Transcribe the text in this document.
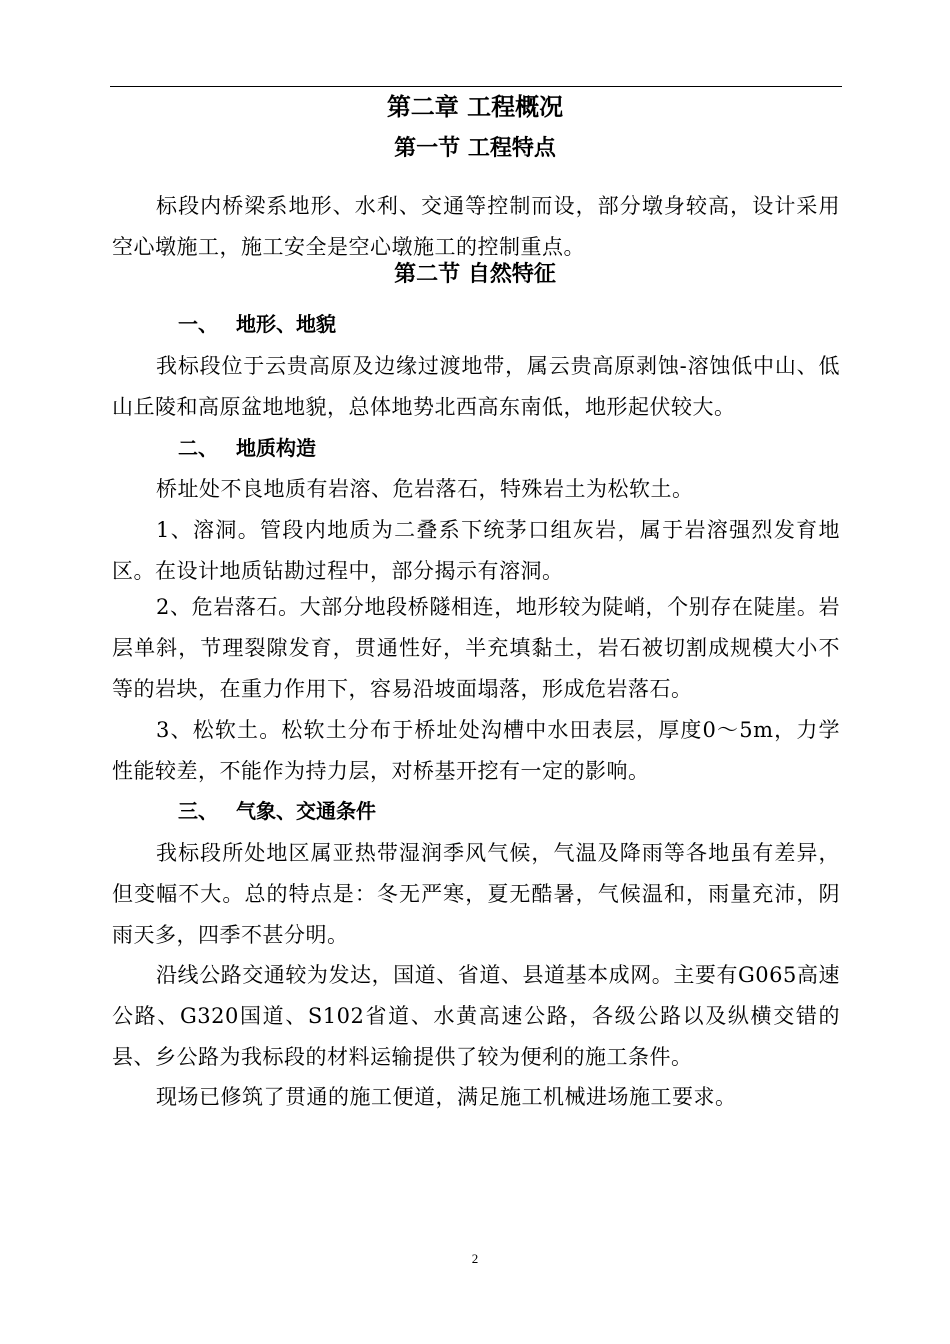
第二章 工程概况
第一节 工程特点
标段内桥梁系地形、水利、交通等控制而设，部分墩身较高，设计采用空心墩施工，施工安全是空心墩施工的控制重点。
第二节 自然特征
一、 地形、地貌
我标段位于云贵高原及边缘过渡地带，属云贵高原剥蚀-溶蚀低中山、低山丘陵和高原盆地地貌，总体地势北西高东南低，地形起伏较大。
二、 地质构造
桥址处不良地质有岩溶、危岩落石，特殊岩土为松软土。
1、溶洞。管段内地质为二叠系下统茅口组灰岩，属于岩溶强烈发育地区。在设计地质钻勘过程中，部分揭示有溶洞。
2、危岩落石。大部分地段桥隧相连，地形较为陡峭，个别存在陡崖。岩层单斜，节理裂隙发育，贯通性好，半充填黏土，岩石被切割成规模大小不等的岩块，在重力作用下，容易沿坡面塌落，形成危岩落石。
3、松软土。松软土分布于桥址处沟槽中水田表层，厚度0～5m，力学性能较差，不能作为持力层，对桥基开挖有一定的影响。
三、 气象、交通条件
我标段所处地区属亚热带湿润季风气候，气温及降雨等各地虽有差异，但变幅不大。总的特点是：冬无严寒，夏无酷暑，气候温和，雨量充沛，阴雨天多，四季不甚分明。
沿线公路交通较为发达，国道、省道、县道基本成网。主要有G065高速公路、G320国道、S102省道、水黄高速公路，各级公路以及纵横交错的县、乡公路为我标段的材料运输提供了较为便利的施工条件。
现场已修筑了贯通的施工便道，满足施工机械进场施工要求。
2
